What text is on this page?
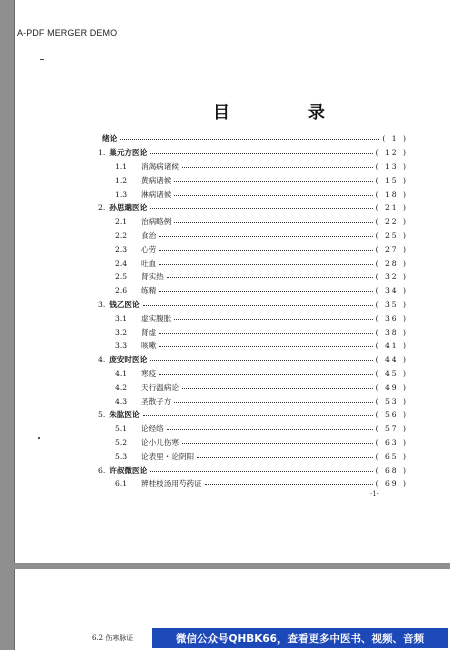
A-PDF MERGER DEMO
目 录
绪论	( 1 )
1. 巢元方医论	( 12 )
1.1	消渴病诸候	( 13 )
1.2	黄病诸候	( 15 )
1.3	淋病诸候	( 18 )
2. 孙思邈医论	( 21 )
2.1	治病略例	( 22 )
2.2	食治	( 25 )
2.3	心劳	( 27 )
2.4	吐血	( 28 )
2.5	肾实热	( 32 )
2.6	练精	( 34 )
3. 钱乙医论	( 35 )
3.1	虚实腹胀	( 36 )
3.2	肾虚	( 38 )
3.3	咳嗽	( 41 )
4. 庞安时医论	( 44 )
4.1	寒疫	( 45 )
4.2	天行温病论	( 49 )
4.3	圣散子方	( 53 )
5. 朱肱医论	( 56 )
5.1	论经络	( 57 )
5.2	论小儿伤寒	( 63 )
5.3	论表里・论阴阳	( 65 )
6. 许叔微医论	( 68 )
6.1	辨桂枝汤用芍药证	( 69 )
·1·
6.2 伤寒脉证	微信公众号QHBK66，查看更多中医书、视频、音频
